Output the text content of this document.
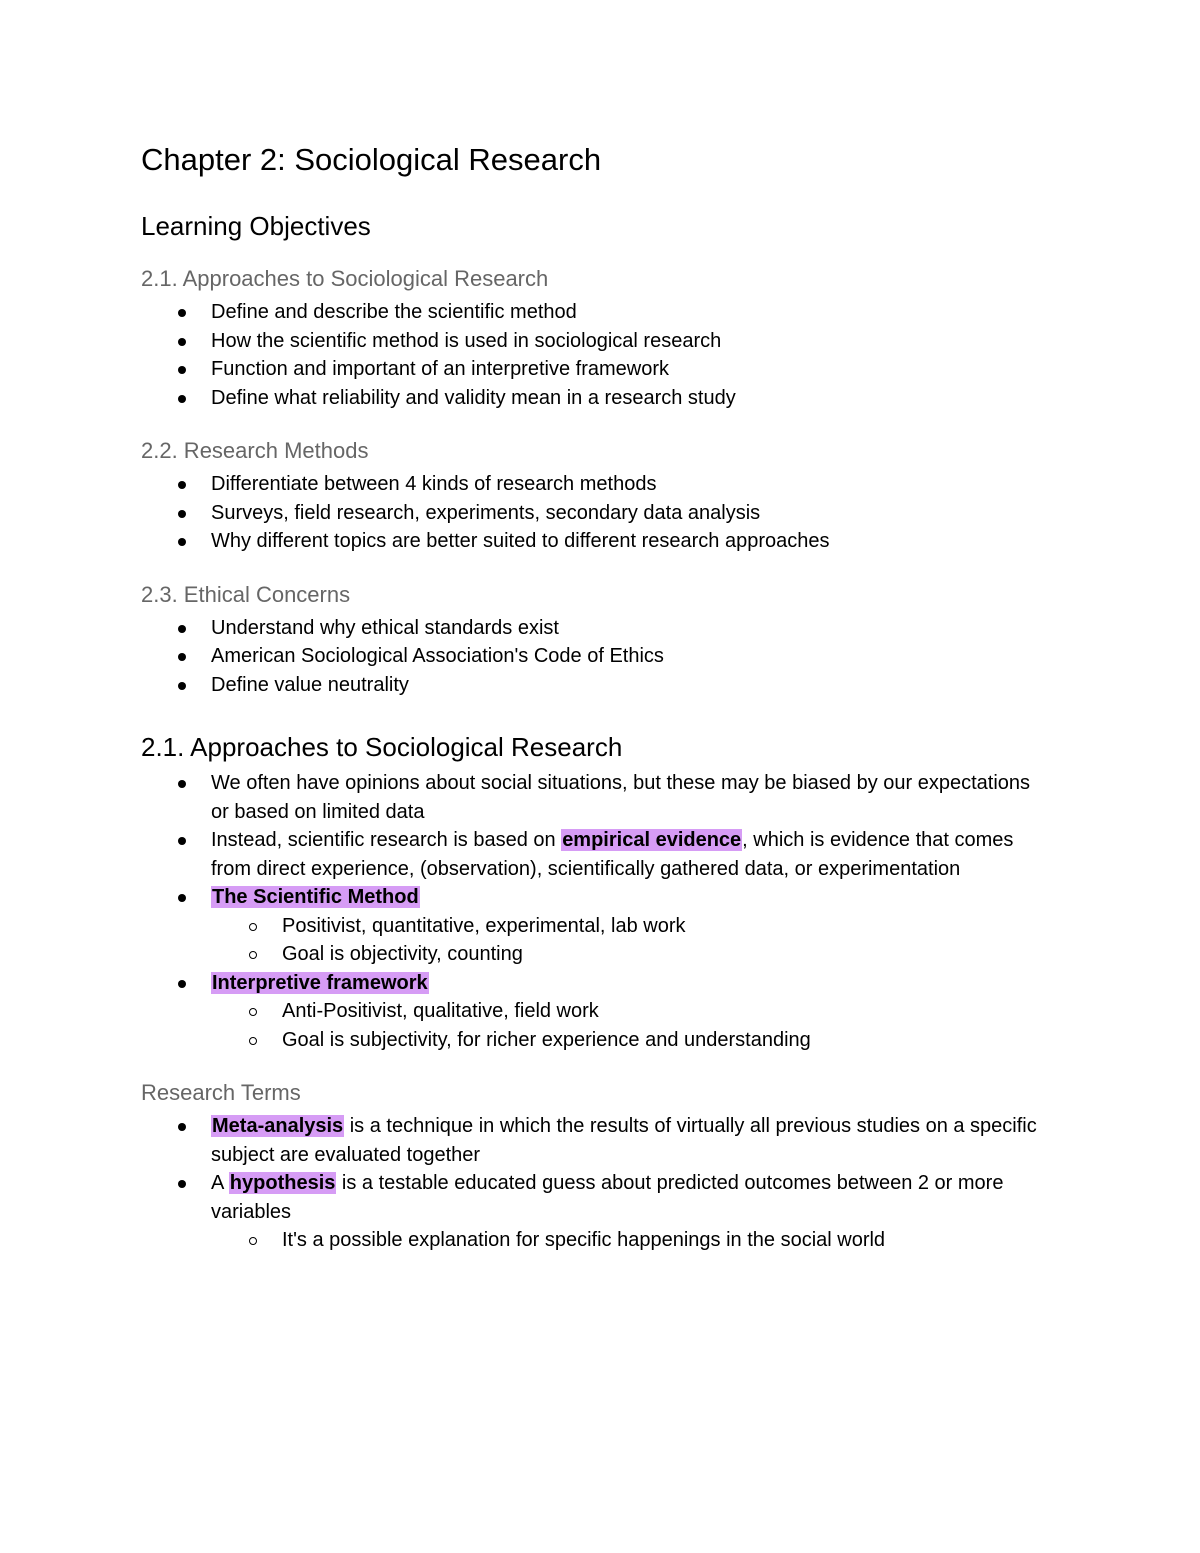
Chapter 2: Sociological Research
Learning Objectives
2.1. Approaches to Sociological Research
Define and describe the scientific method
How the scientific method is used in sociological research
Function and important of an interpretive framework
Define what reliability and validity mean in a research study
2.2. Research Methods
Differentiate between 4 kinds of research methods
Surveys, field research, experiments, secondary data analysis
Why different topics are better suited to different research approaches
2.3. Ethical Concerns
Understand why ethical standards exist
American Sociological Association's Code of Ethics
Define value neutrality
2.1. Approaches to Sociological Research
We often have opinions about social situations, but these may be biased by our expectations or based on limited data
Instead, scientific research is based on empirical evidence, which is evidence that comes from direct experience, (observation), scientifically gathered data, or experimentation
The Scientific Method
Positivist, quantitative, experimental, lab work
Goal is objectivity, counting
Interpretive framework
Anti-Positivist, qualitative, field work
Goal is subjectivity, for richer experience and understanding
Research Terms
Meta-analysis is a technique in which the results of virtually all previous studies on a specific subject are evaluated together
A hypothesis is a testable educated guess about predicted outcomes between 2 or more variables
It's a possible explanation for specific happenings in the social world
